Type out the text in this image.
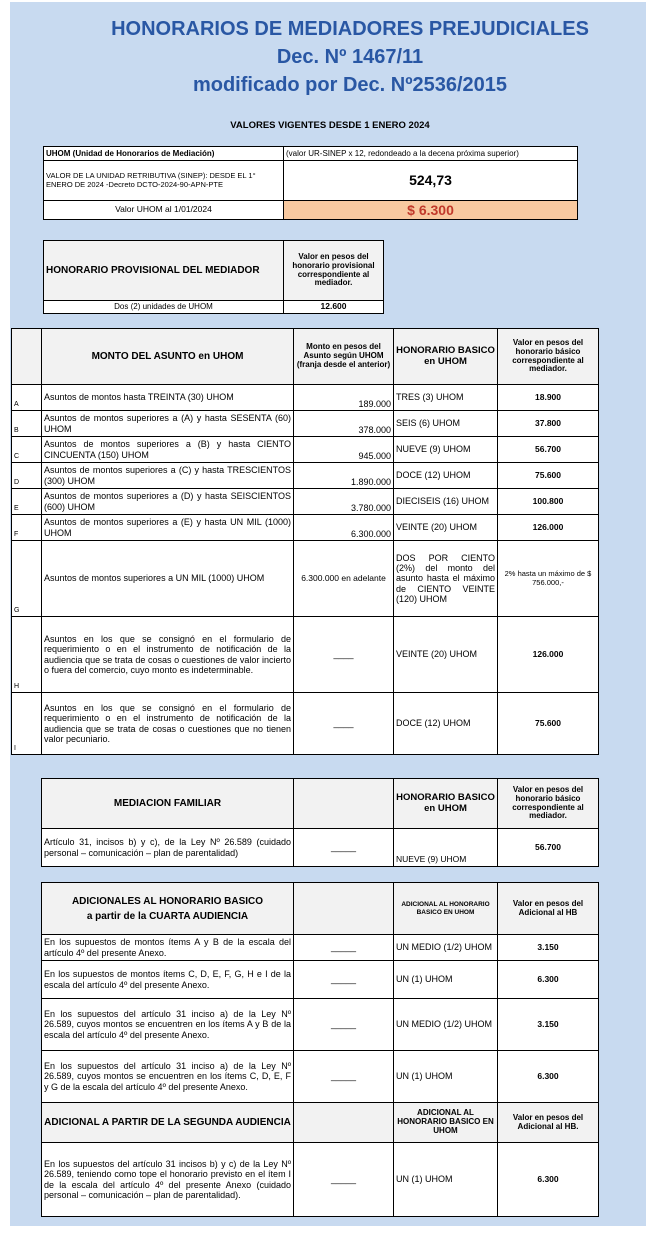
HONORARIOS DE MEDIADORES PREJUDICIALES
Dec. Nº 1467/11
modificado por Dec. Nº2536/2015
VALORES VIGENTES DESDE 1 ENERO 2024
UHOM (Unidad de Honorarios de Mediación)	(valor UR-SINEP x 12, redondeado a la decena próxima superior)
VALOR DE LA UNIDAD RETRIBUTIVA (SINEP): DESDE EL 1° ENERO DE 2024 -Decreto DCTO-2024-90-APN-PTE	524,73
Valor UHOM al 1/01/2024	$ 6.300
HONORARIO PROVISIONAL DEL MEDIADOR	Valor en pesos del honorario provisional correspondiente al mediador.
Dos (2) unidades de UHOM	12.600
	MONTO DEL ASUNTO en UHOM	Monto en pesos del Asunto según UHOM (franja desde el anterior)	HONORARIO BASICO en UHOM	Valor en pesos del honorario básico correspondiente al mediador.
A	Asuntos de montos hasta TREINTA (30) UHOM	189.000	TRES (3) UHOM	18.900
B	Asuntos de montos superiores a (A) y hasta SESENTA (60) UHOM	378.000	SEIS (6) UHOM	37.800
C	Asuntos de montos superiores a (B) y hasta CIENTO CINCUENTA (150) UHOM	945.000	NUEVE (9) UHOM	56.700
D	Asuntos de montos superiores a (C) y hasta TRESCIENTOS (300) UHOM	1.890.000	DOCE (12) UHOM	75.600
E	Asuntos de montos superiores a (D) y hasta SEISCIENTOS (600) UHOM	3.780.000	DIECISEIS (16) UHOM	100.800
F	Asuntos de montos superiores a (E) y hasta UN MIL (1000) UHOM	6.300.000	VEINTE (20) UHOM	126.000
G	Asuntos de montos superiores a UN MIL (1000) UHOM	6.300.000 en adelante	DOS POR CIENTO (2%) del monto del asunto hasta el máximo de CIENTO VEINTE (120) UHOM	2% hasta un máximo de $ 756.000,-
H	Asuntos en los que se consignó en el formulario de requerimiento o en el instrumento de notificación de la audiencia que se trata de cosas o cuestiones de valor incierto o fuera del comercio, cuyo monto es indeterminable.	____	VEINTE (20) UHOM	126.000
I	Asuntos en los que se consignó en el formulario de requerimiento o en el instrumento de notificación de la audiencia que se trata de cosas o cuestiones que no tienen valor pecuniario.	____	DOCE (12) UHOM	75.600
MEDIACION FAMILIAR		HONORARIO BASICO en UHOM	Valor en pesos del honorario básico correspondiente al mediador.
Artículo 31, incisos b) y c), de la Ley Nº 26.589 (cuidado personal – comunicación – plan de parentalidad)	_____	NUEVE (9) UHOM	56.700
ADICIONALES AL HONORARIO BASICO
a partir de la CUARTA AUDIENCIA		ADICIONAL AL HONORARIO BASICO EN UHOM	Valor en pesos del Adicional al HB
En los supuestos de montos ítems A y B de la escala del artículo 4º del presente Anexo.	_____	UN MEDIO (1/2) UHOM	3.150
En los supuestos de montos ítems C, D, E, F, G, H e I de la escala del artículo 4º del presente Anexo.	_____	UN (1) UHOM	6.300
En los supuestos del artículo 31 inciso a) de la Ley Nº 26.589, cuyos montos se encuentren en los ítems A y B de la escala del artículo 4º del presente Anexo.	_____	UN MEDIO (1/2) UHOM	3.150
En los supuestos del artículo 31 inciso a) de la Ley Nº 26.589, cuyos montos se encuentren en los ítems C, D, E, F y G de la escala del artículo 4º del presente Anexo.	_____	UN (1) UHOM	6.300
ADICIONAL A PARTIR DE LA SEGUNDA AUDIENCIA		ADICIONAL AL HONORARIO BASICO EN UHOM	Valor en pesos del Adicional al HB.
En los supuestos del artículo 31 incisos b) y c) de la Ley Nº 26.589, teniendo como tope el honorario previsto en el ítem I de la escala del artículo 4º del presente Anexo (cuidado personal – comunicación – plan de parentalidad).	_____	UN (1) UHOM	6.300
